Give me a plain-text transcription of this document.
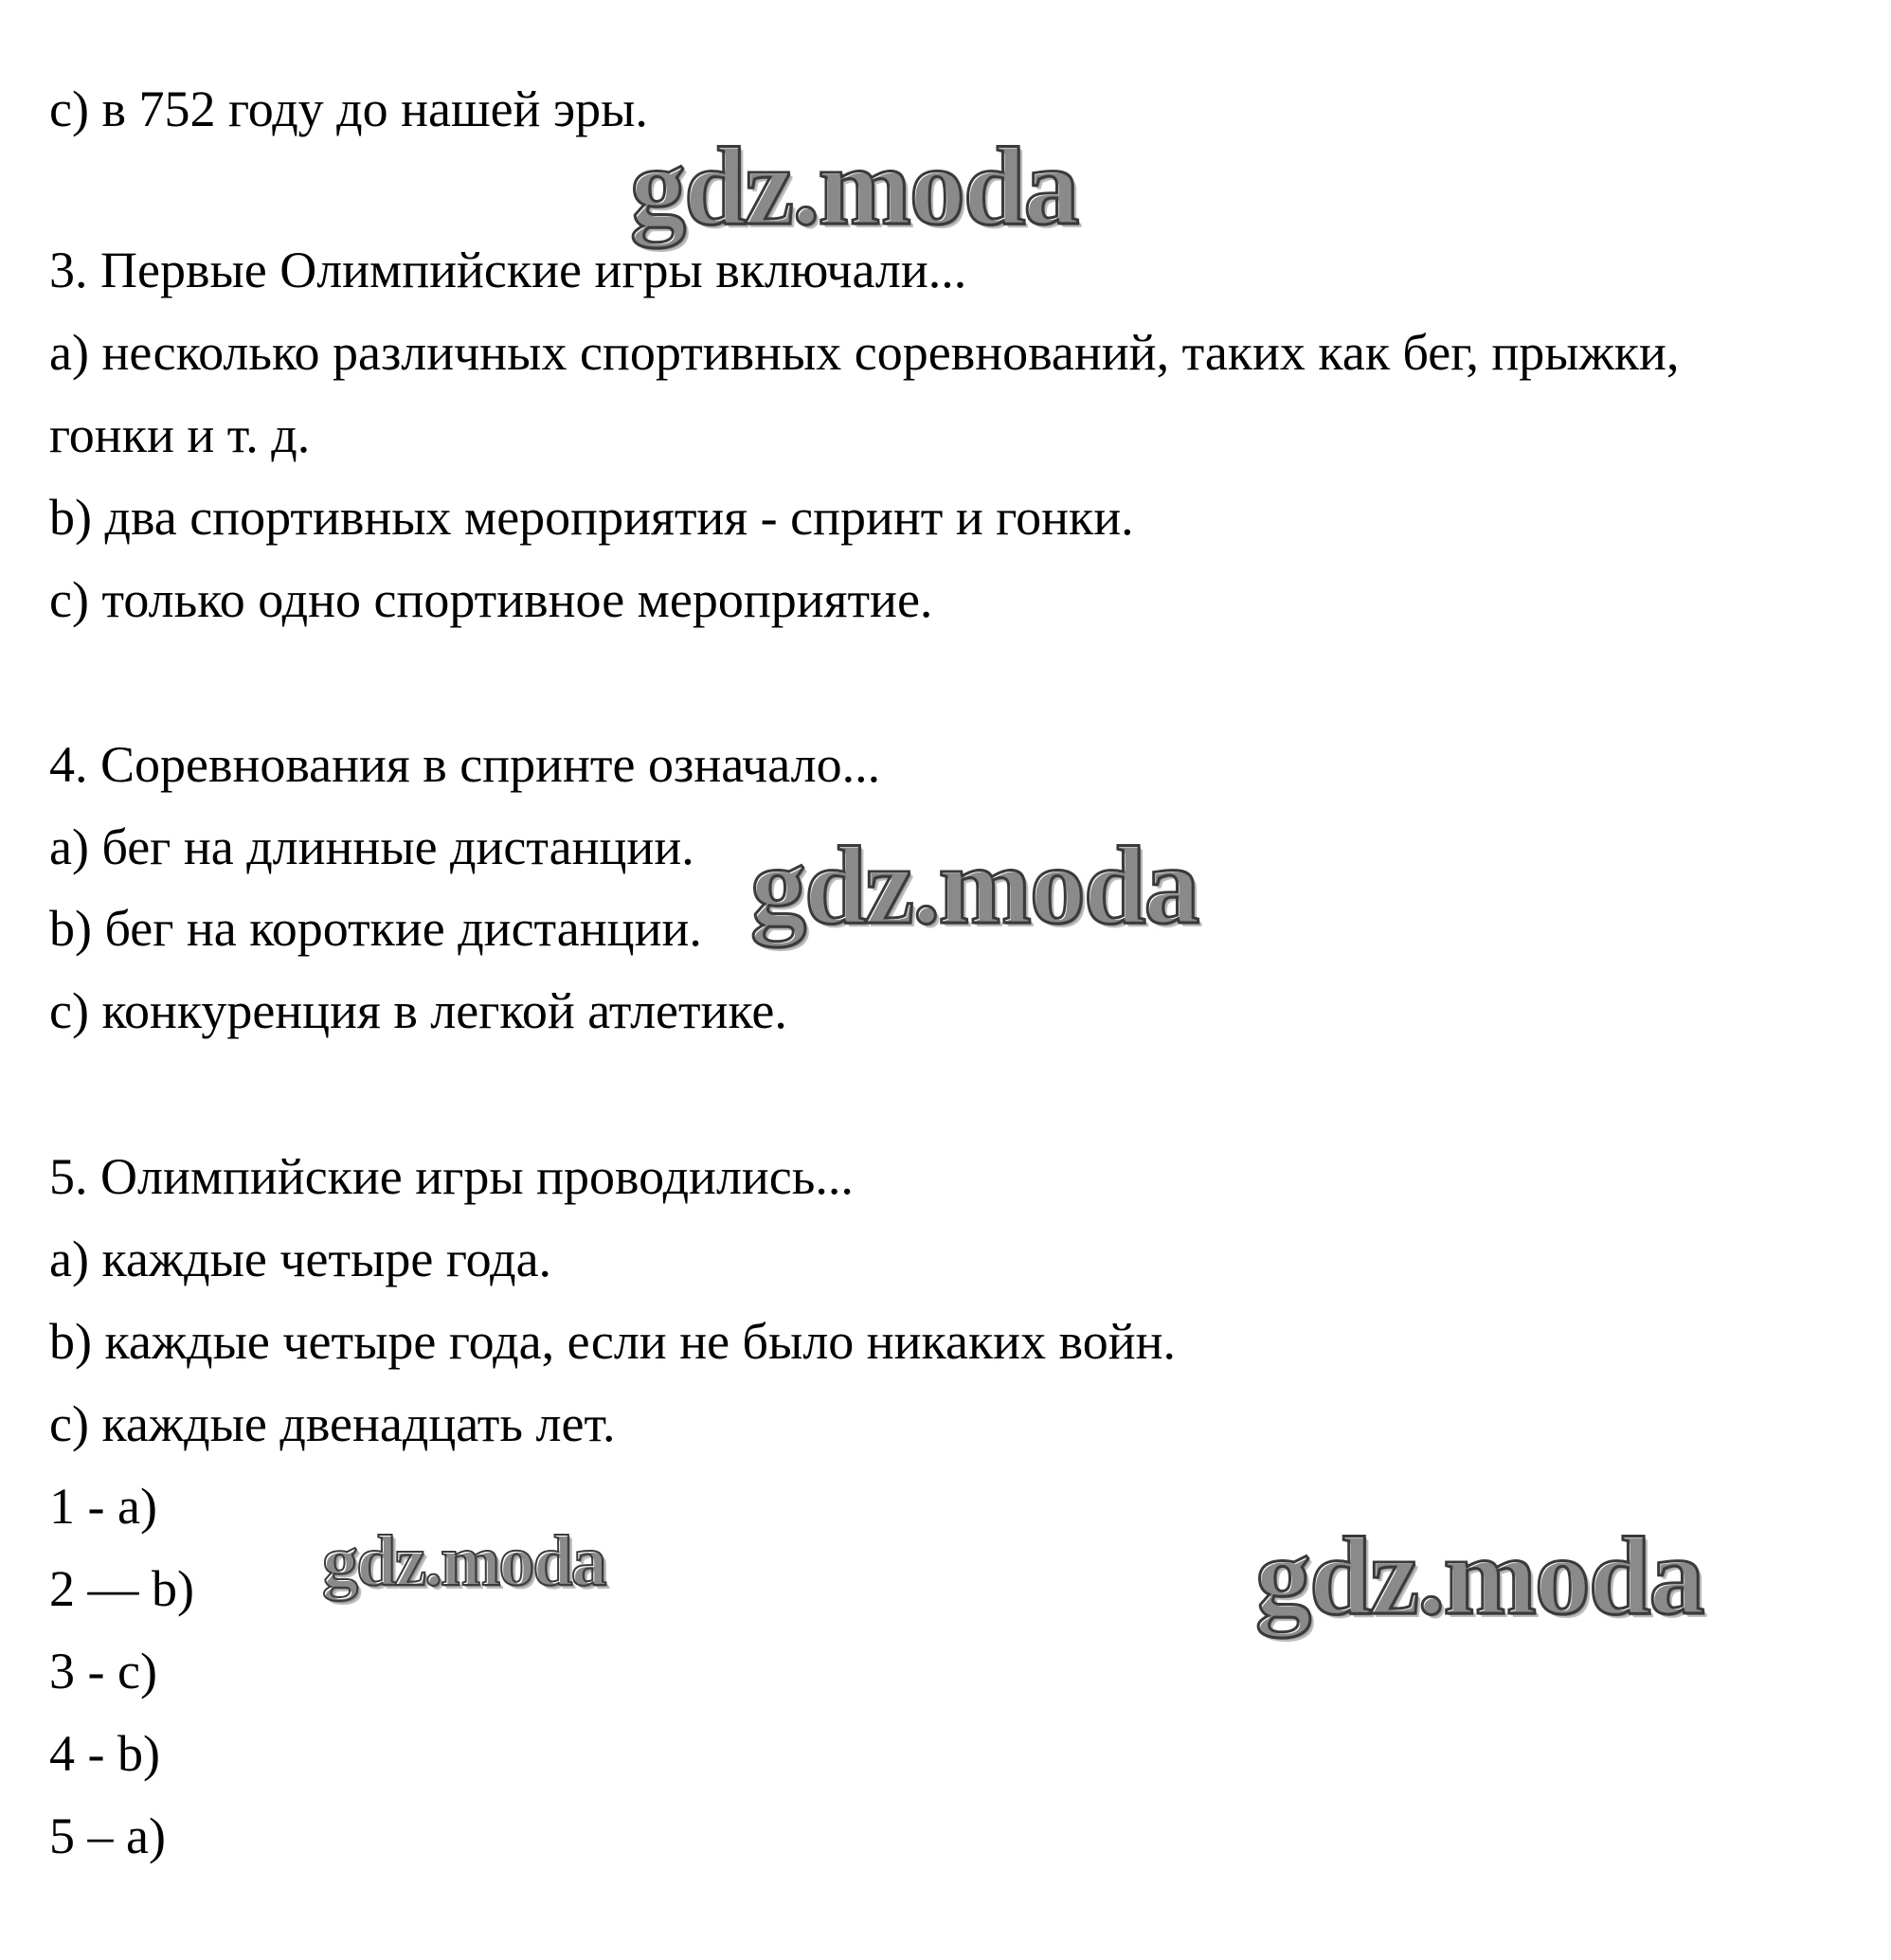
c) в 752 году до нашей эры.

3. Первые Олимпийские игры включали...

a) несколько различных спортивных соревнований, таких как бег, прыжки,

гонки и т. д.

b) два спортивных мероприятия - спринт и гонки.

c) только одно спортивное мероприятие.

4. Соревнования в спринте означало...

a) бег на длинные дистанции.

b) бег на короткие дистанции.

c) конкуренция в легкой атлетике.

5. Олимпийские игры проводились...

a) каждые четыре года.

b) каждые четыре года, если не было никаких войн.

c) каждые двенадцать лет.

1 - a)

2 — b)

3 - c)

4 - b)

5 – a)

gdz.moda
gdz.moda
gdz.moda	gdz.moda
